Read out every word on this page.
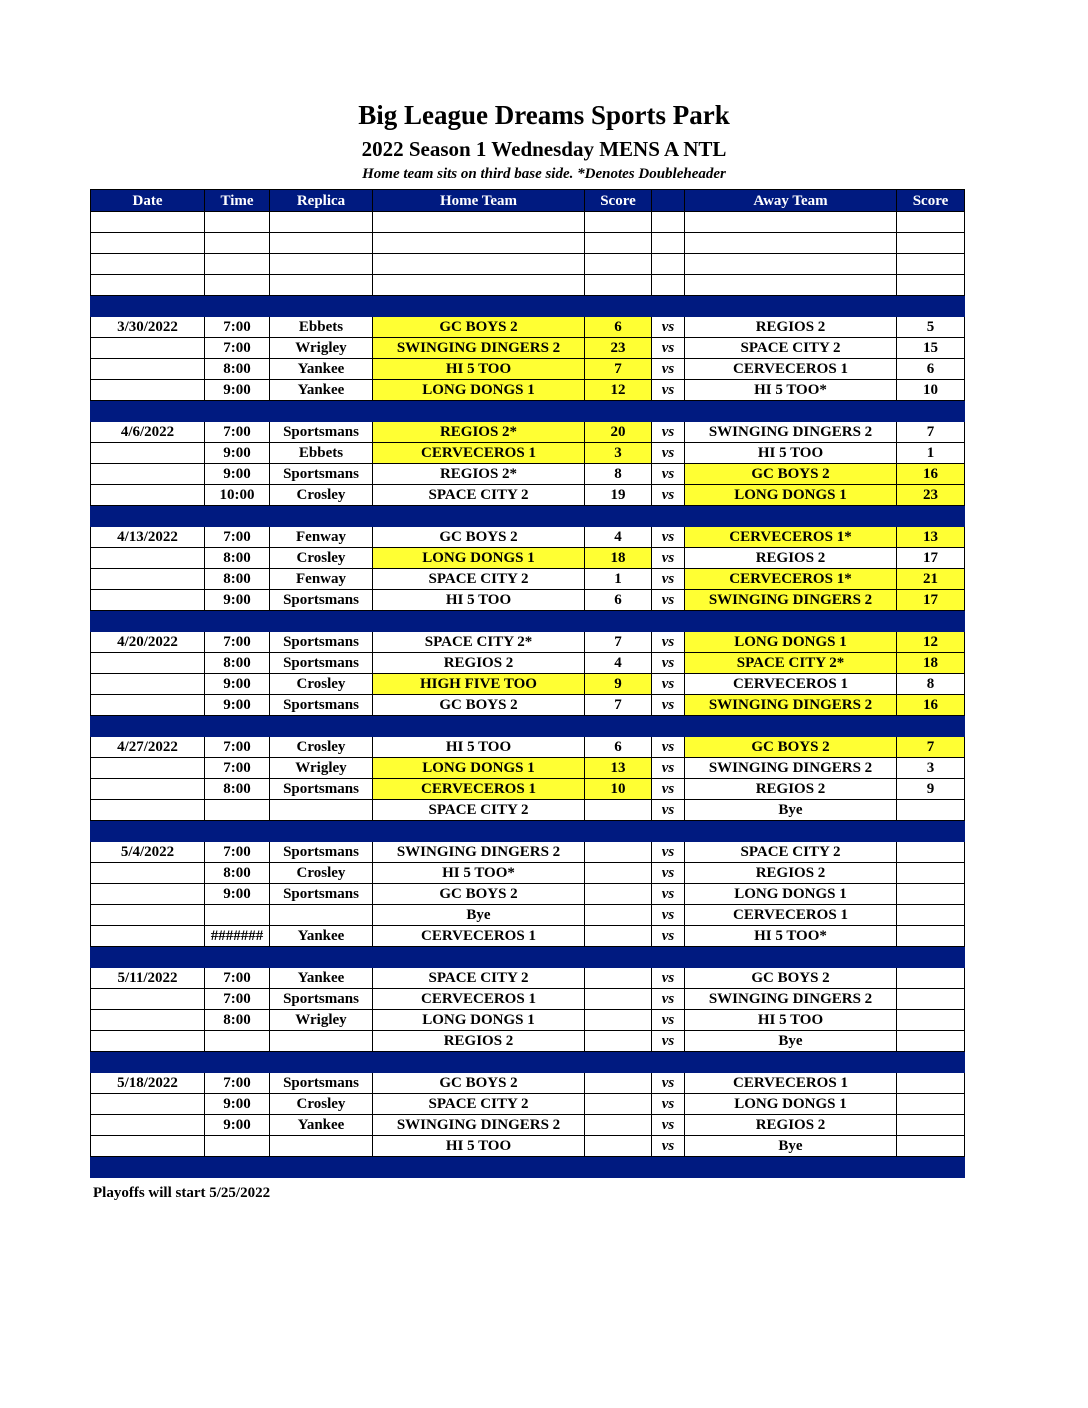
Big League Dreams Sports Park
2022 Season 1 Wednesday MENS A NTL
Home team sits on third base side. *Denotes Doubleheader
Date	Time	Replica	Home Team	Score		Away Team	Score

3/30/2022	7:00	Ebbets	GC BOYS 2	6	vs	REGIOS 2	5
	7:00	Wrigley	SWINGING DINGERS 2	23	vs	SPACE CITY 2	15
	8:00	Yankee	HI 5 TOO	7	vs	CERVECEROS 1	6
	9:00	Yankee	LONG DONGS 1	12	vs	HI 5 TOO*	10

4/6/2022	7:00	Sportsmans	REGIOS 2*	20	vs	SWINGING DINGERS 2	7
	9:00	Ebbets	CERVECEROS 1	3	vs	HI 5 TOO	1
	9:00	Sportsmans	REGIOS 2*	8	vs	GC BOYS 2	16
	10:00	Crosley	SPACE CITY 2	19	vs	LONG DONGS 1	23

4/13/2022	7:00	Fenway	GC BOYS 2	4	vs	CERVECEROS 1*	13
	8:00	Crosley	LONG DONGS 1	18	vs	REGIOS 2	17
	8:00	Fenway	SPACE CITY 2	1	vs	CERVECEROS 1*	21
	9:00	Sportsmans	HI 5 TOO	6	vs	SWINGING DINGERS 2	17

4/20/2022	7:00	Sportsmans	SPACE CITY 2*	7	vs	LONG DONGS 1	12
	8:00	Sportsmans	REGIOS 2	4	vs	SPACE CITY 2*	18
	9:00	Crosley	HIGH FIVE TOO	9	vs	CERVECEROS 1	8
	9:00	Sportsmans	GC BOYS 2	7	vs	SWINGING DINGERS 2	16

4/27/2022	7:00	Crosley	HI 5 TOO	6	vs	GC BOYS 2	7
	7:00	Wrigley	LONG DONGS 1	13	vs	SWINGING DINGERS 2	3
	8:00	Sportsmans	CERVECEROS 1	10	vs	REGIOS 2	9
			SPACE CITY 2		vs	Bye	

5/4/2022	7:00	Sportsmans	SWINGING DINGERS 2		vs	SPACE CITY 2	
	8:00	Crosley	HI 5 TOO*		vs	REGIOS 2	
	9:00	Sportsmans	GC BOYS 2		vs	LONG DONGS 1	
			Bye		vs	CERVECEROS 1	
	#######	Yankee	CERVECEROS 1		vs	HI 5 TOO*	

5/11/2022	7:00	Yankee	SPACE CITY 2		vs	GC BOYS 2	
	7:00	Sportsmans	CERVECEROS 1		vs	SWINGING DINGERS 2	
	8:00	Wrigley	LONG DONGS 1		vs	HI 5 TOO	
			REGIOS 2		vs	Bye	

5/18/2022	7:00	Sportsmans	GC BOYS 2		vs	CERVECEROS 1	
	9:00	Crosley	SPACE CITY 2		vs	LONG DONGS 1	
	9:00	Yankee	SWINGING DINGERS 2		vs	REGIOS 2	
			HI 5 TOO		vs	Bye	

Playoffs will start 5/25/2022
